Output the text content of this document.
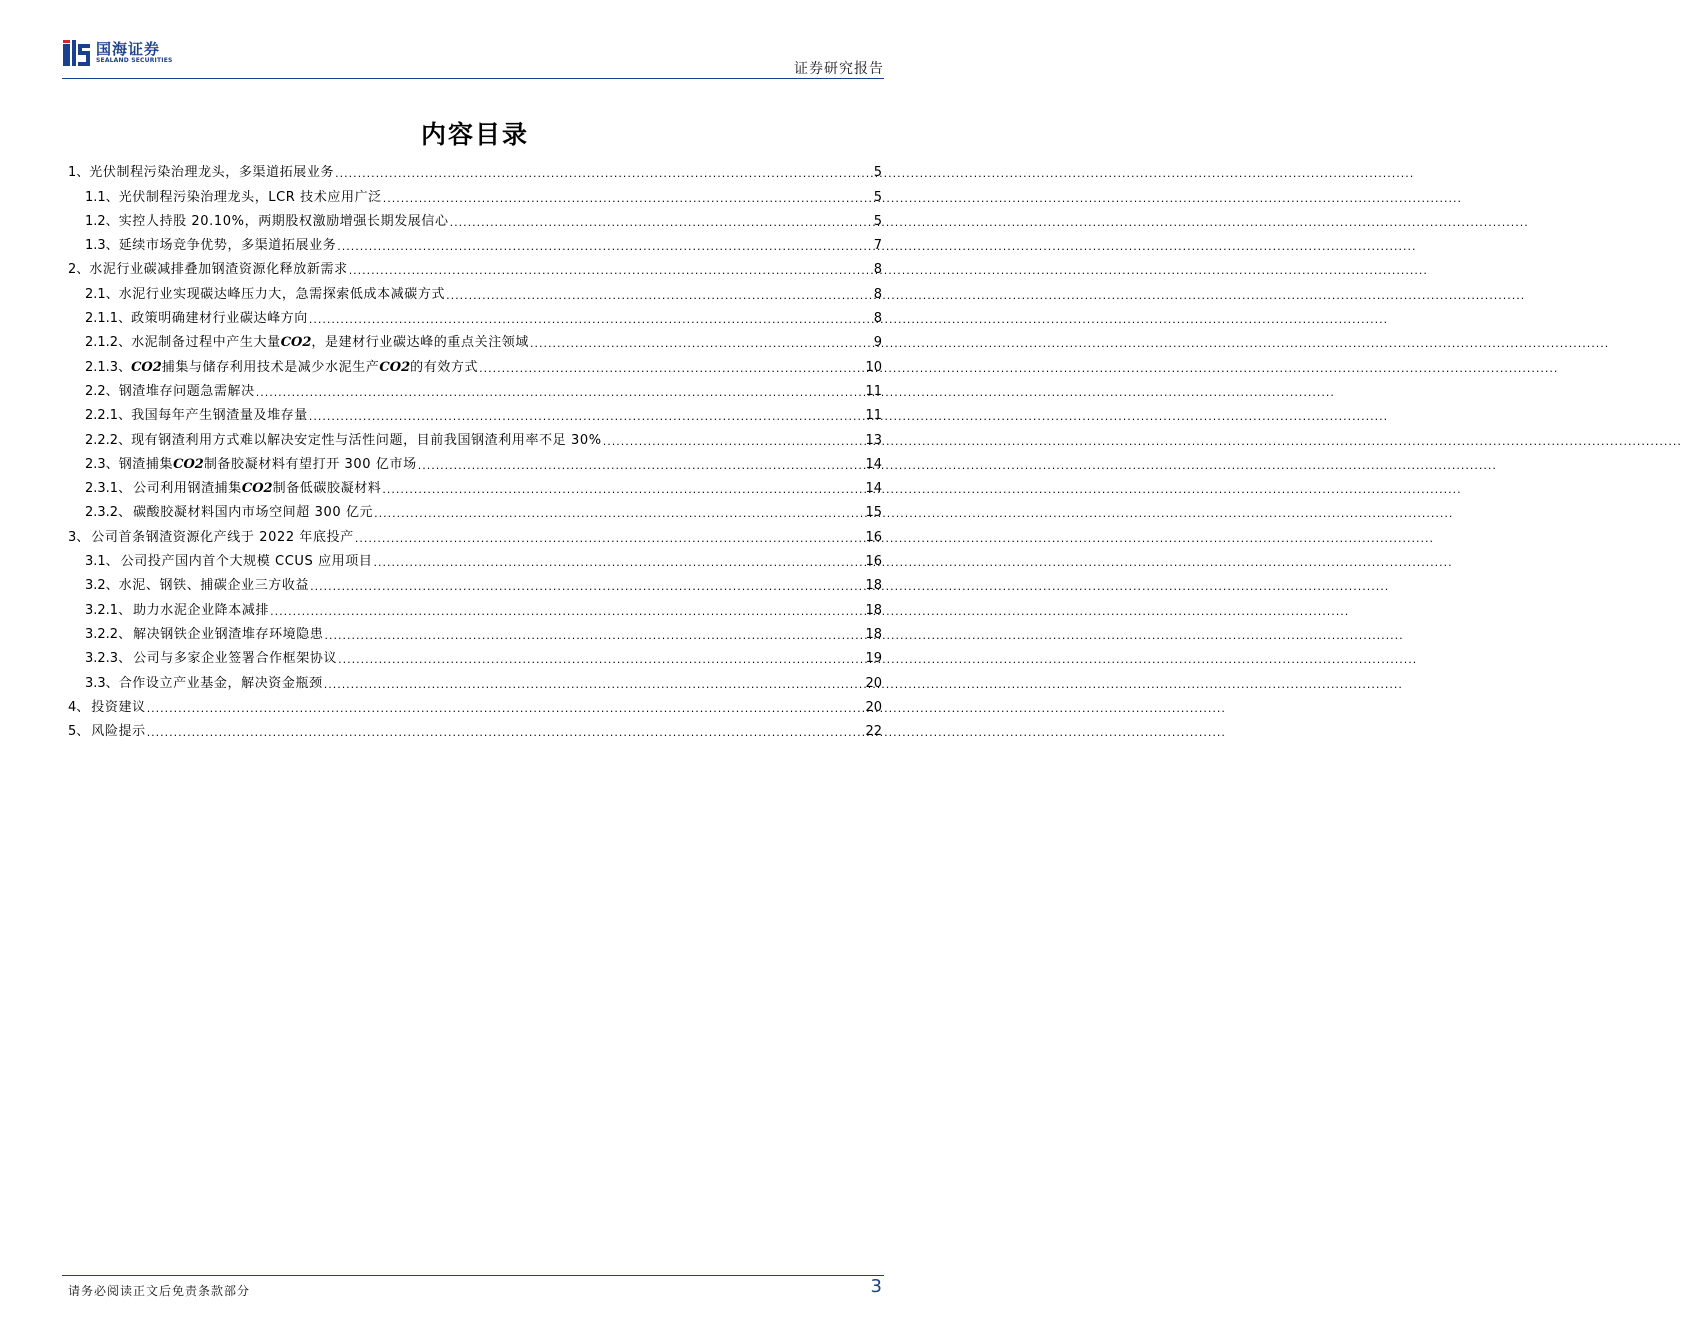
国海证券
SEALAND SECURITIES
证券研究报告
内容目录
1、 光伏制程污染治理龙头，多渠道拓展业务 .....	5
1.1、 光伏制程污染治理龙头，LCR 技术应用广泛 .....	5
1.2、 实控人持股 20.10%，两期股权激励增强长期发展信心 .....	5
1.3、 延续市场竞争优势，多渠道拓展业务 .....	7
2、 水泥行业碳减排叠加钢渣资源化释放新需求 .....	8
2.1、 水泥行业实现碳达峰压力大，急需探索低成本减碳方式 .....	8
2.1.1、 政策明确建材行业碳达峰方向 .....	8
2.1.2、 水泥制备过程中产生大量CO2，是建材行业碳达峰的重点关注领域 .....	9
2.1.3、 CO2捕集与储存利用技术是减少水泥生产CO2的有效方式 .....	10
2.2、 钢渣堆存问题急需解决 .....	11
2.2.1、 我国每年产生钢渣量及堆存量 .....	11
2.2.2、 现有钢渣利用方式难以解决安定性与活性问题，目前我国钢渣利用率不足 30% .....	13
2.3、 钢渣捕集CO2制备胶凝材料有望打开 300 亿市场 .....	14
2.3.1、 公司利用钢渣捕集CO2制备低碳胶凝材料 .....	14
2.3.2、 碳酸胶凝材料国内市场空间超 300 亿元 .....	15
3、 公司首条钢渣资源化产线于 2022 年底投产 .....	16
3.1、 公司投产国内首个大规模 CCUS 应用项目 .....	16
3.2、 水泥、钢铁、捕碳企业三方收益 .....	18
3.2.1、 助力水泥企业降本减排 .....	18
3.2.2、 解决钢铁企业钢渣堆存环境隐患 .....	18
3.2.3、 公司与多家企业签署合作框架协议 .....	19
3.3、 合作设立产业基金，解决资金瓶颈 .....	20
4、 投资建议 .....	20
5、 风险提示 .....	22
请务必阅读正文后免责条款部分	3
